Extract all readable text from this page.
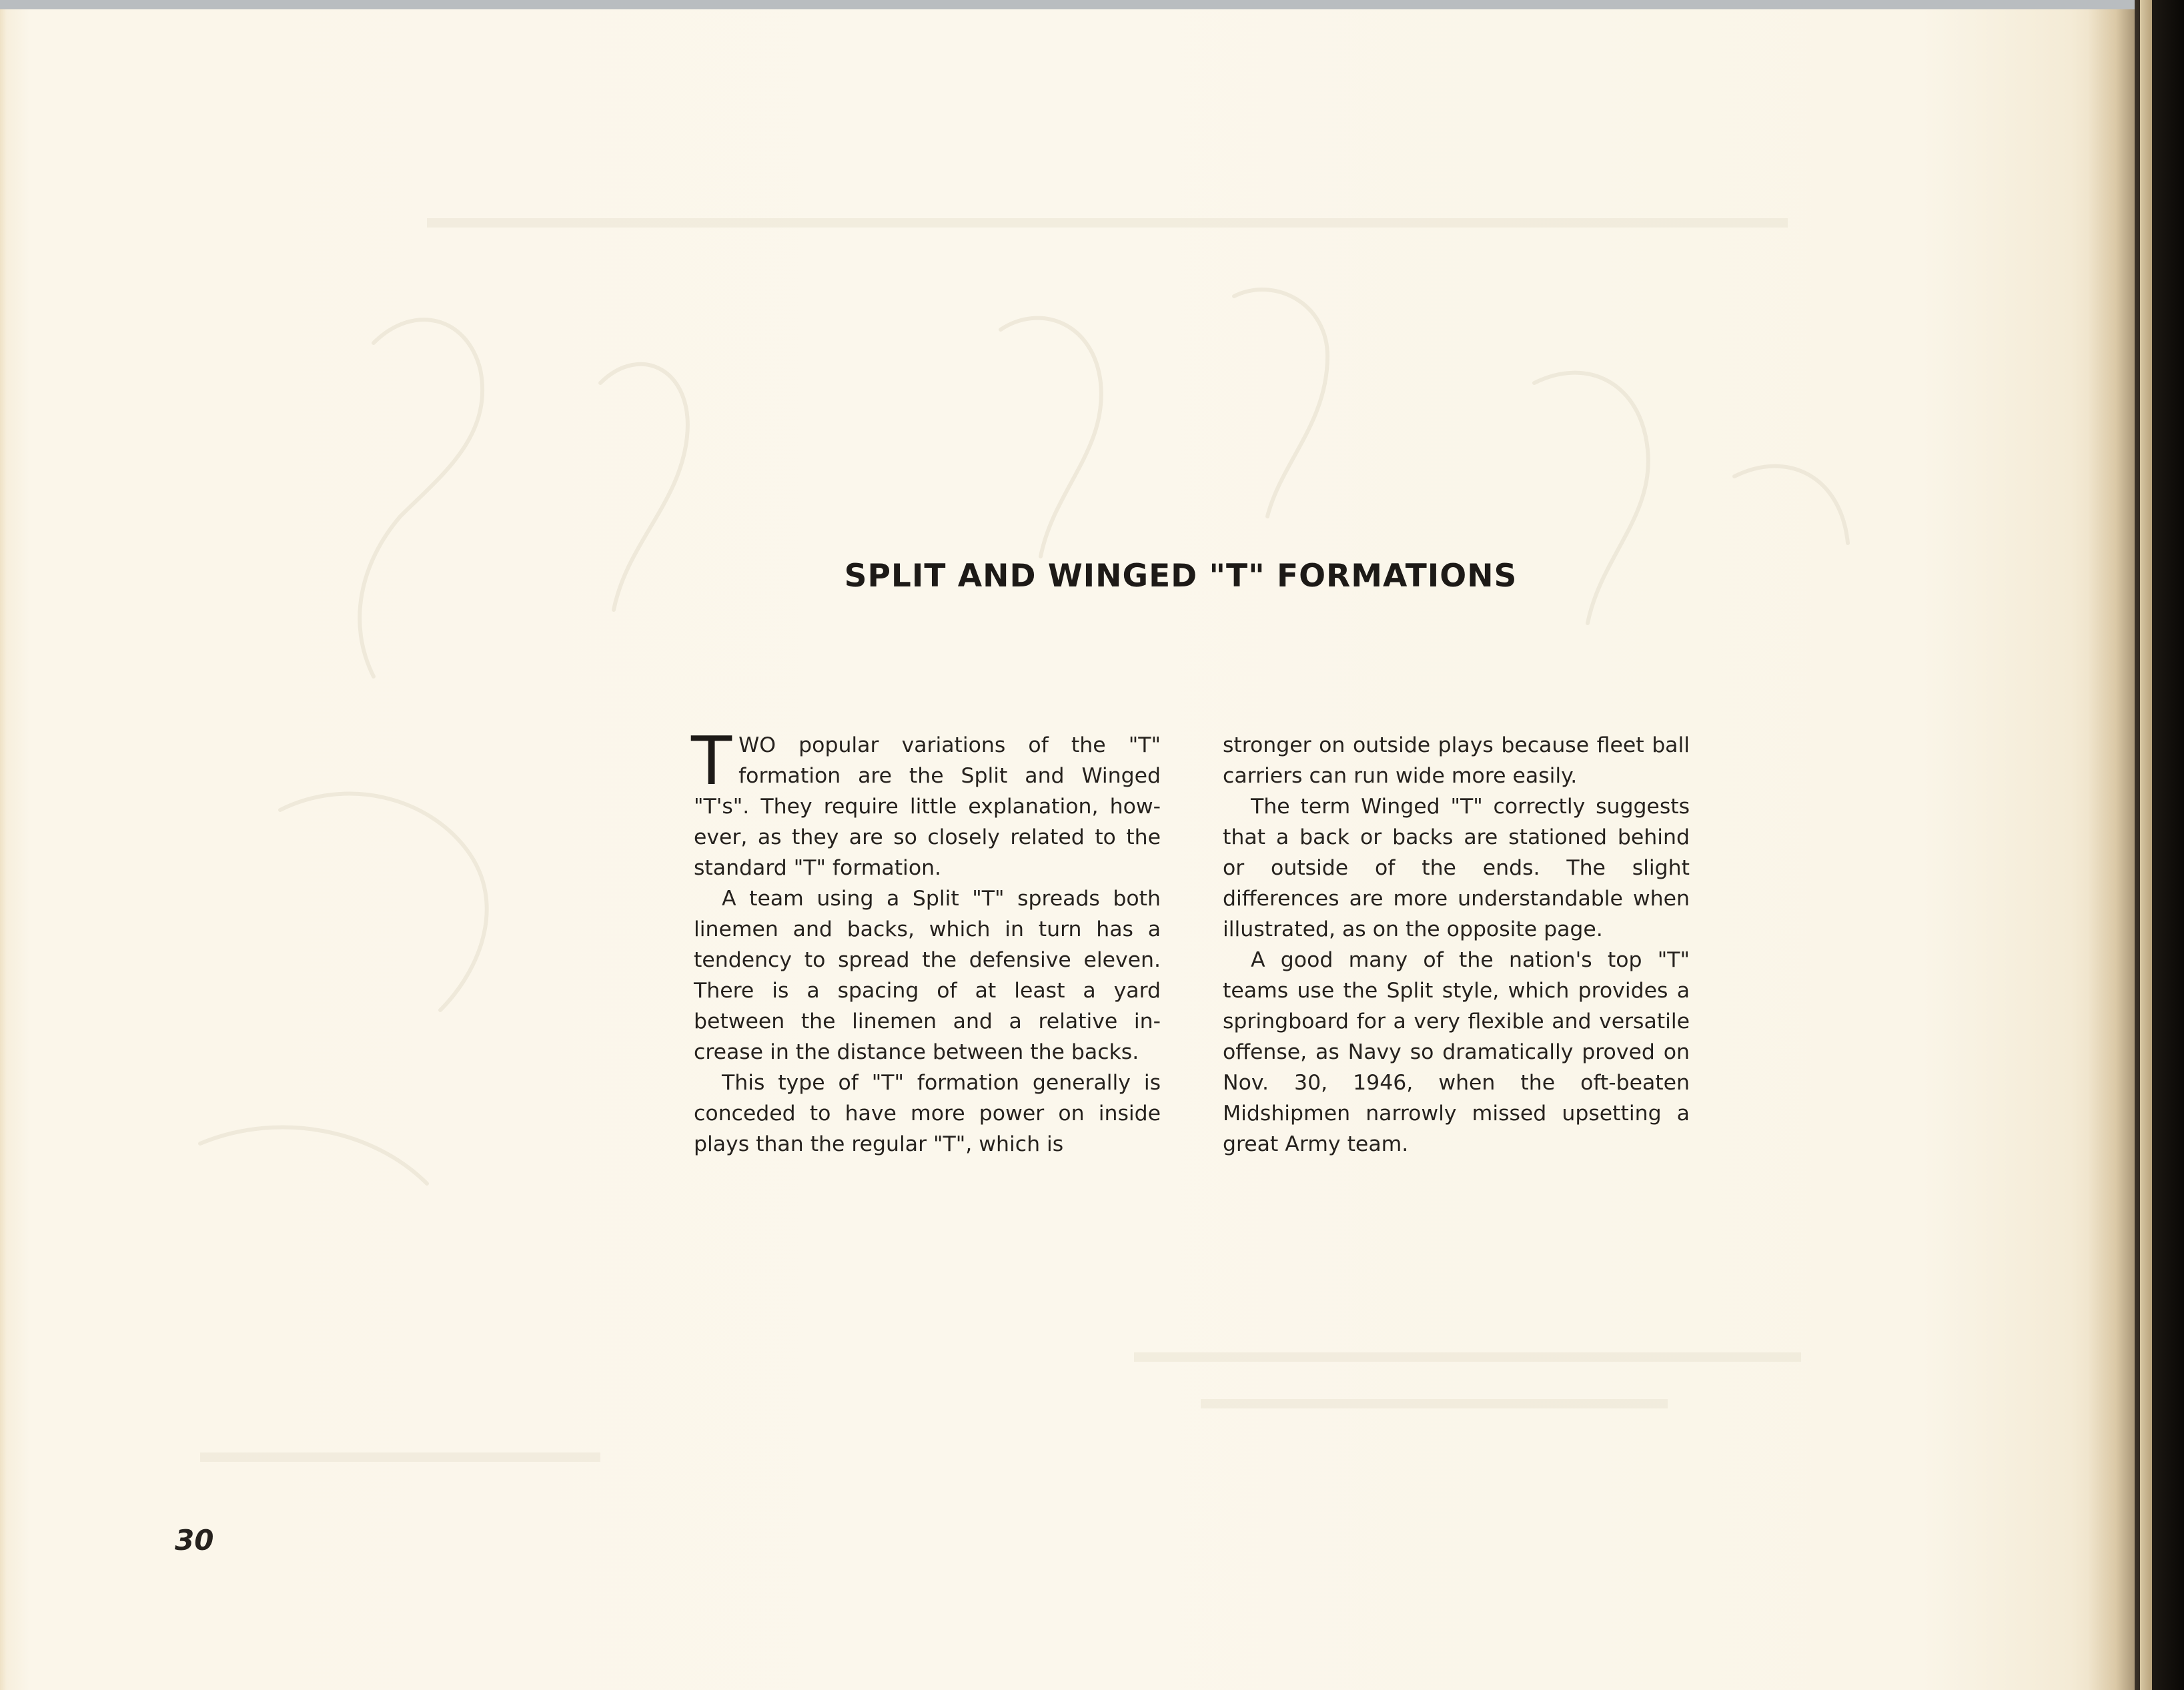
SPLIT AND WINGED "T" FORMATIONS

TWO popular variations of the "T" formation are the Split and Winged "T's". They require little explanation, however, as they are so closely related to the standard "T" formation.

A team using a Split "T" spreads both linemen and backs, which in turn has a tendency to spread the defensive eleven. There is a spacing of at least a yard between the linemen and a relative increase in the distance between the backs.

This type of "T" formation generally is conceded to have more power on inside plays than the regular "T", which is

stronger on outside plays because fleet ball carriers can run wide more easily.

The term Winged "T" correctly suggests that a back or backs are stationed behind or outside of the ends. The slight differences are more understandable when illustrated, as on the opposite page.

A good many of the nation's top "T" teams use the Split style, which provides a springboard for a very flexible and versatile offense, as Navy so dramatically proved on Nov. 30, 1946, when the oft-beaten Midshipmen narrowly missed upsetting a great Army team.

30
